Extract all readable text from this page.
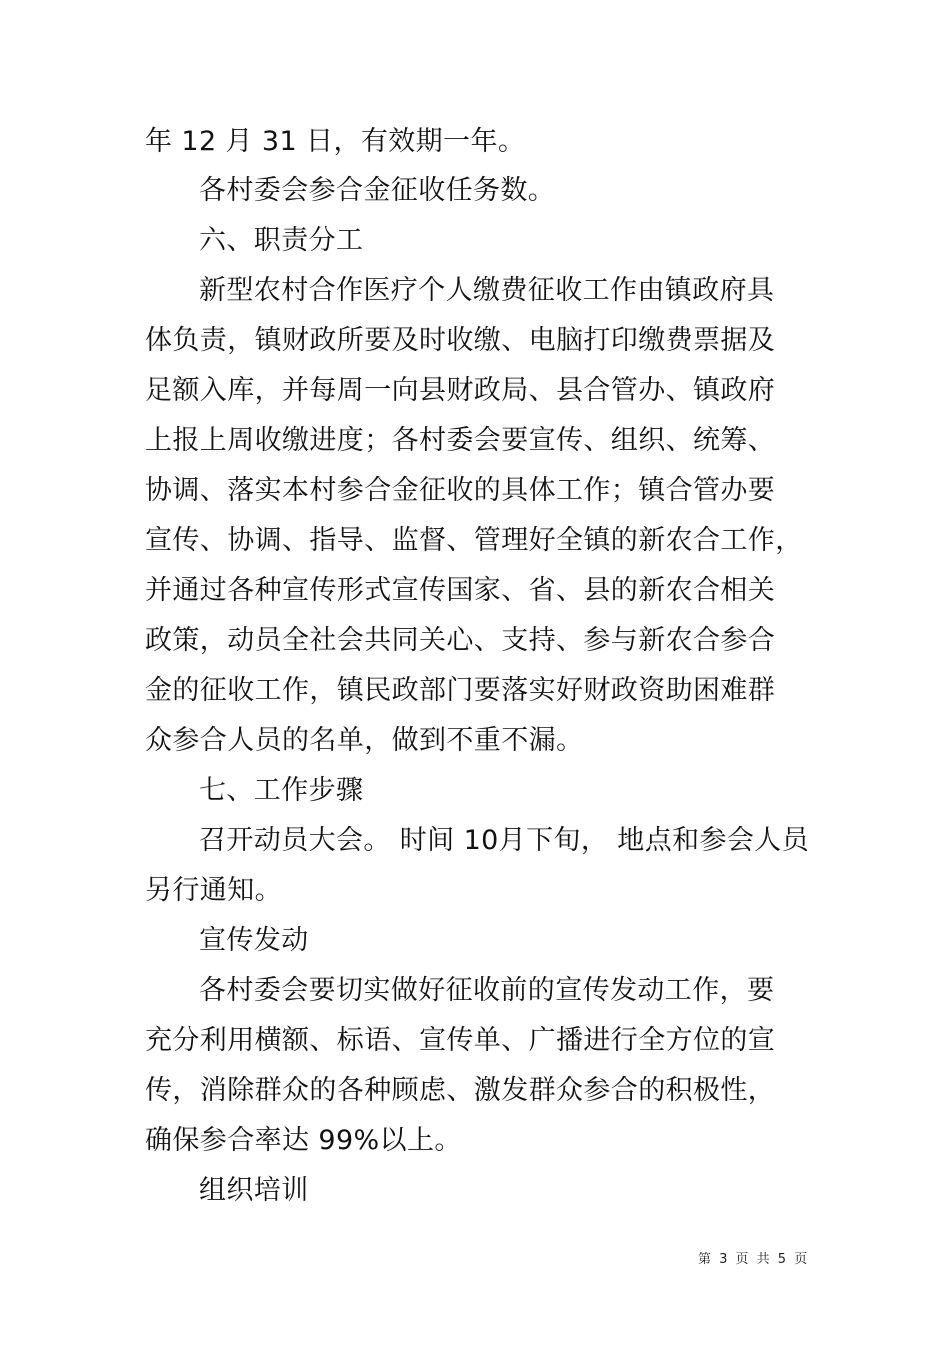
年 12 月 31 日，有效期一年。
各村委会参合金征收任务数。
六、职责分工
新型农村合作医疗个人缴费征收工作由镇政府具
体负责，镇财政所要及时收缴、电脑打印缴费票据及
足额入库，并每周一向县财政局、县合管办、镇政府
上报上周收缴进度；各村委会要宣传、组织、统筹、
协调、落实本村参合金征收的具体工作；镇合管办要
宣传、协调、指导、监督、管理好全镇的新农合工作，
并通过各种宣传形式宣传国家、省、县的新农合相关
政策，动员全社会共同关心、支持、参与新农合参合
金的征收工作，镇民政部门要落实好财政资助困难群
众参合人员的名单，做到不重不漏。
七、工作步骤
召开动员大会。 时间 10月下旬， 地点和参会人员
另行通知。
宣传发动
各村委会要切实做好征收前的宣传发动工作，要
充分利用横额、标语、宣传单、广播进行全方位的宣
传，消除群众的各种顾虑、激发群众参合的积极性，
确保参合率达 99%以上。
组织培训
第 3 页 共 5 页
